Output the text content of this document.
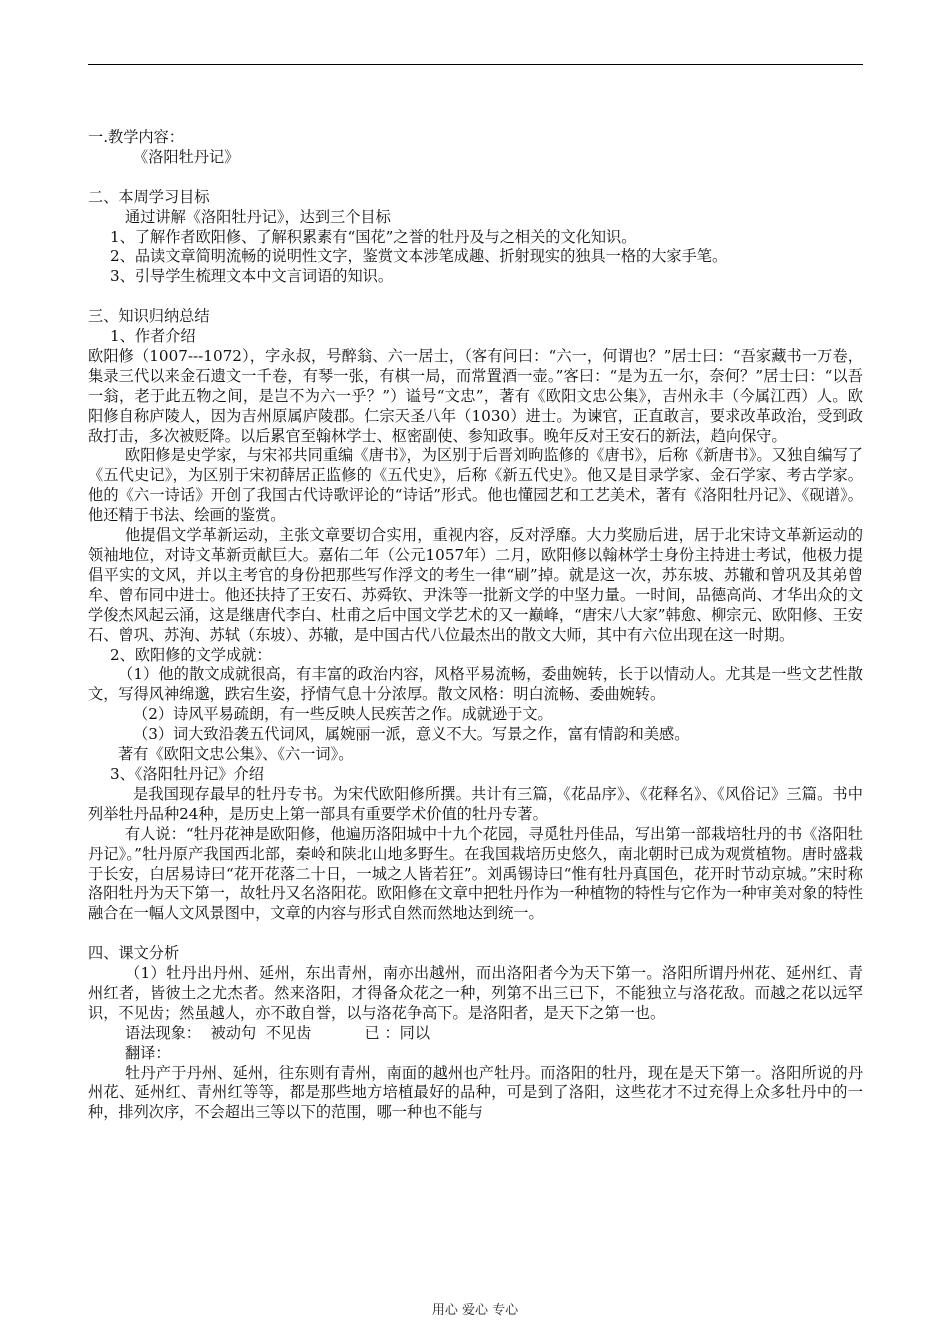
一.教学内容：

《洛阳牡丹记》

二、本周学习目标

通过讲解《洛阳牡丹记》，达到三个目标

1、了解作者欧阳修、了解积累素有“国花”之誉的牡丹及与之相关的文化知识。

2、品读文章简明流畅的说明性文字，鉴赏文本涉笔成趣、折射现实的独具一格的大家手笔。

3、引导学生梳理文本中文言词语的知识。

三、知识归纳总结

1、作者介绍

欧阳修（1007---1072），字永叔，号醉翁、六一居士，（客有问曰：“六一，何谓也？”居士曰：“吾家藏书一万卷，集录三代以来金石遗文一千卷，有琴一张，有棋一局，而常置酒一壶。”客曰：“是为五一尔，奈何？”居士曰：“以吾一翁，老于此五物之间，是岂不为六一乎？”）谥号“文忠”，著有《欧阳文忠公集》，吉州永丰（今属江西）人。欧阳修自称庐陵人，因为吉州原属庐陵郡。仁宗天圣八年（1030）进士。为谏官，正直敢言，要求改革政治，受到政敌打击，多次被贬降。以后累官至翰林学士、枢密副使、参知政事。晚年反对王安石的新法，趋向保守。

欧阳修是史学家，与宋祁共同重编《唐书》，为区别于后晋刘昫监修的《唐书》，后称《新唐书》。又独自编写了《五代史记》，为区别于宋初薛居正监修的《五代史》，后称《新五代史》。他又是目录学家、金石学家、考古学家。他的《六一诗话》开创了我国古代诗歌评论的“诗话”形式。他也懂园艺和工艺美术，著有《洛阳牡丹记》、《砚谱》。他还精于书法、绘画的鉴赏。

他提倡文学革新运动，主张文章要切合实用，重视内容，反对浮靡。大力奖励后进，居于北宋诗文革新运动的领袖地位，对诗文革新贡献巨大。嘉佑二年（公元1057年）二月，欧阳修以翰林学士身份主持进士考试，他极力提倡平实的文风，并以主考官的身份把那些写作浮文的考生一律“刷”掉。就是这一次，苏东坡、苏辙和曾巩及其弟曾牟、曾布同中进士。他还扶持了王安石、苏舜钦、尹洙等一批新文学的中坚力量。一时间，品德高尚、才华出众的文学俊杰风起云涌，这是继唐代李白、杜甫之后中国文学艺术的又一巅峰，“唐宋八大家”韩愈、柳宗元、欧阳修、王安石、曾巩、苏洵、苏轼（东坡）、苏辙，是中国古代八位最杰出的散文大师，其中有六位出现在这一时期。

2、欧阳修的文学成就：

（1）他的散文成就很高，有丰富的政治内容，风格平易流畅，委曲婉转，长于以情动人。尤其是一些文艺性散文，写得风神绵邈，跌宕生姿，抒情气息十分浓厚。散文风格：明白流畅、委曲婉转。

（2）诗风平易疏朗，有一些反映人民疾苦之作。成就逊于文。

（3）词大致沿袭五代词风，属婉丽一派，意义不大。写景之作，富有情韵和美感。

著有《欧阳文忠公集》、《六一词》。

3、《洛阳牡丹记》介绍

是我国现存最早的牡丹专书。为宋代欧阳修所撰。共计有三篇，《花品序》、《花释名》、《风俗记》三篇。书中列举牡丹品种24种，是历史上第一部具有重要学术价值的牡丹专著。

有人说：“牡丹花神是欧阳修，他遍历洛阳城中十九个花园，寻觅牡丹佳品，写出第一部栽培牡丹的书《洛阳牡丹记》。”牡丹原产我国西北部，秦岭和陕北山地多野生。在我国栽培历史悠久，南北朝时已成为观赏植物。唐时盛栽于长安，白居易诗曰“花开花落二十日，一城之人皆若狂”。刘禹锡诗曰“惟有牡丹真国色，花开时节动京城。”宋时称洛阳牡丹为天下第一，故牡丹又名洛阳花。欧阳修在文章中把牡丹作为一种植物的特性与它作为一种审美对象的特性融合在一幅人文风景图中，文章的内容与形式自然而然地达到统一。

四、课文分析

（1）牡丹出丹州、延州，东出青州，南亦出越州，而出洛阳者今为天下第一。洛阳所谓丹州花、延州红、青州红者，皆彼土之尤杰者。然来洛阳，才得备众花之一种，列第不出三已下，不能独立与洛花敌。而越之花以远罕识，不见齿；然虽越人，亦不敢自誉，以与洛花争高下。是洛阳者，是天下之第一也。

语法现象：  被动句  不见齿           已 ：同以

翻译：

牡丹产于丹州、延州，往东则有青州，南面的越州也产牡丹。而洛阳的牡丹，现在是天下第一。洛阳所说的丹州花、延州红、青州红等等，都是那些地方培植最好的品种，可是到了洛阳，这些花才不过充得上众多牡丹中的一种，排列次序，不会超出三等以下的范围，哪一种也不能与

用心 爱心 专心
